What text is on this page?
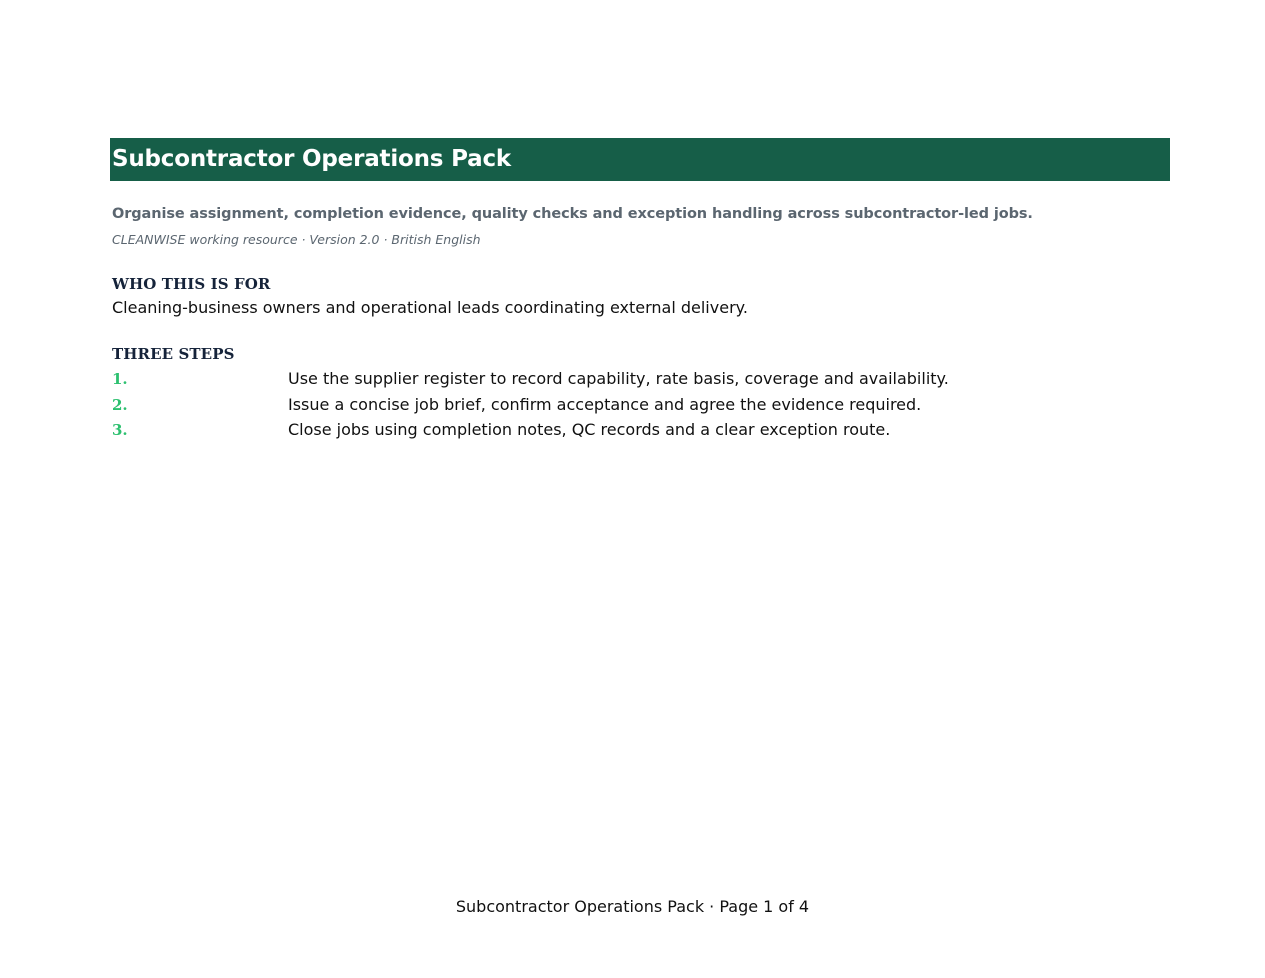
Subcontractor Operations Pack

Organise assignment, completion evidence, quality checks and exception handling across subcontractor-led jobs.

CLEANWISE working resource · Version 2.0 · British English

WHO THIS IS FOR

Cleaning-business owners and operational leads coordinating external delivery.

THREE STEPS
1.	Use the supplier register to record capability, rate basis, coverage and availability.
2.	Issue a concise job brief, confirm acceptance and agree the evidence required.
3.	Close jobs using completion notes, QC records and a clear exception route.

Subcontractor Operations Pack · Page 1 of 4
